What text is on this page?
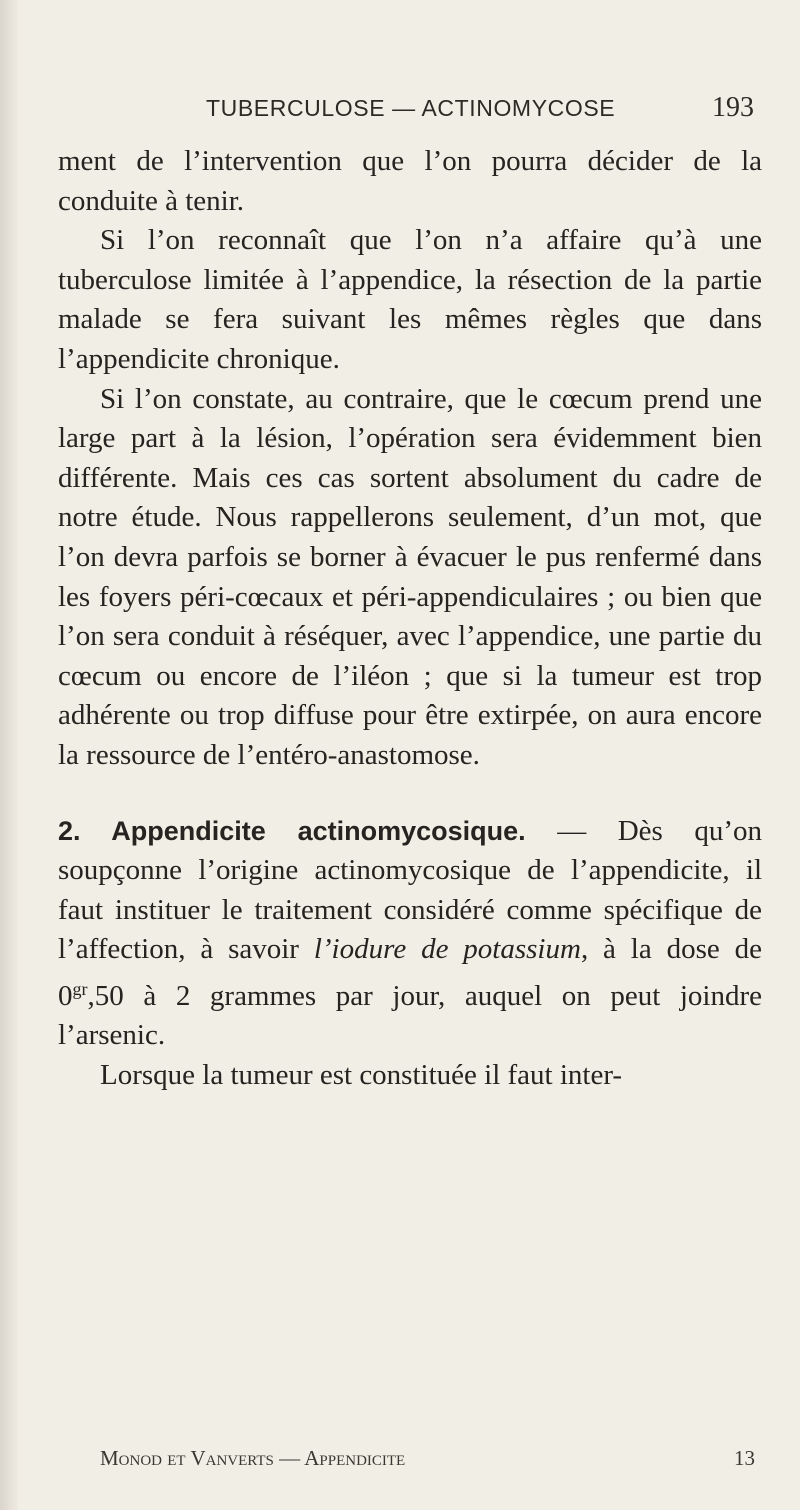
TUBERCULOSE — ACTINOMYCOSE	193

ment de l’intervention que l’on pourra décider de la conduite à tenir.

Si l’on reconnaît que l’on n’a affaire qu’à une tuberculose limitée à l’appendice, la résection de la partie malade se fera suivant les mêmes règles que dans l’appendicite chronique.

Si l’on constate, au contraire, que le cœcum prend une large part à la lésion, l’opération sera évidemment bien différente. Mais ces cas sortent absolument du cadre de notre étude. Nous rappellerons seulement, d’un mot, que l’on devra parfois se borner à évacuer le pus renfermé dans les foyers péri-cœcaux et péri-appendiculaires ; ou bien que l’on sera conduit à réséquer, avec l’appendice, une partie du cœcum ou encore de l’iléon ; que si la tumeur est trop adhérente ou trop diffuse pour être extirpée, on aura encore la ressource de l’entéro-anastomose.

2. Appendicite actinomycosique. — Dès qu’on soupçonne l’origine actinomycosique de l’appendicite, il faut instituer le traitement considéré comme spécifique de l’affection, à savoir l’iodure de potassium, à la dose de $0^{gr},50$ à 2 grammes par jour, auquel on peut joindre l’arsenic.

Lorsque la tumeur est constituée il faut inter-

Monod et Vanverts — Appendicite	13
